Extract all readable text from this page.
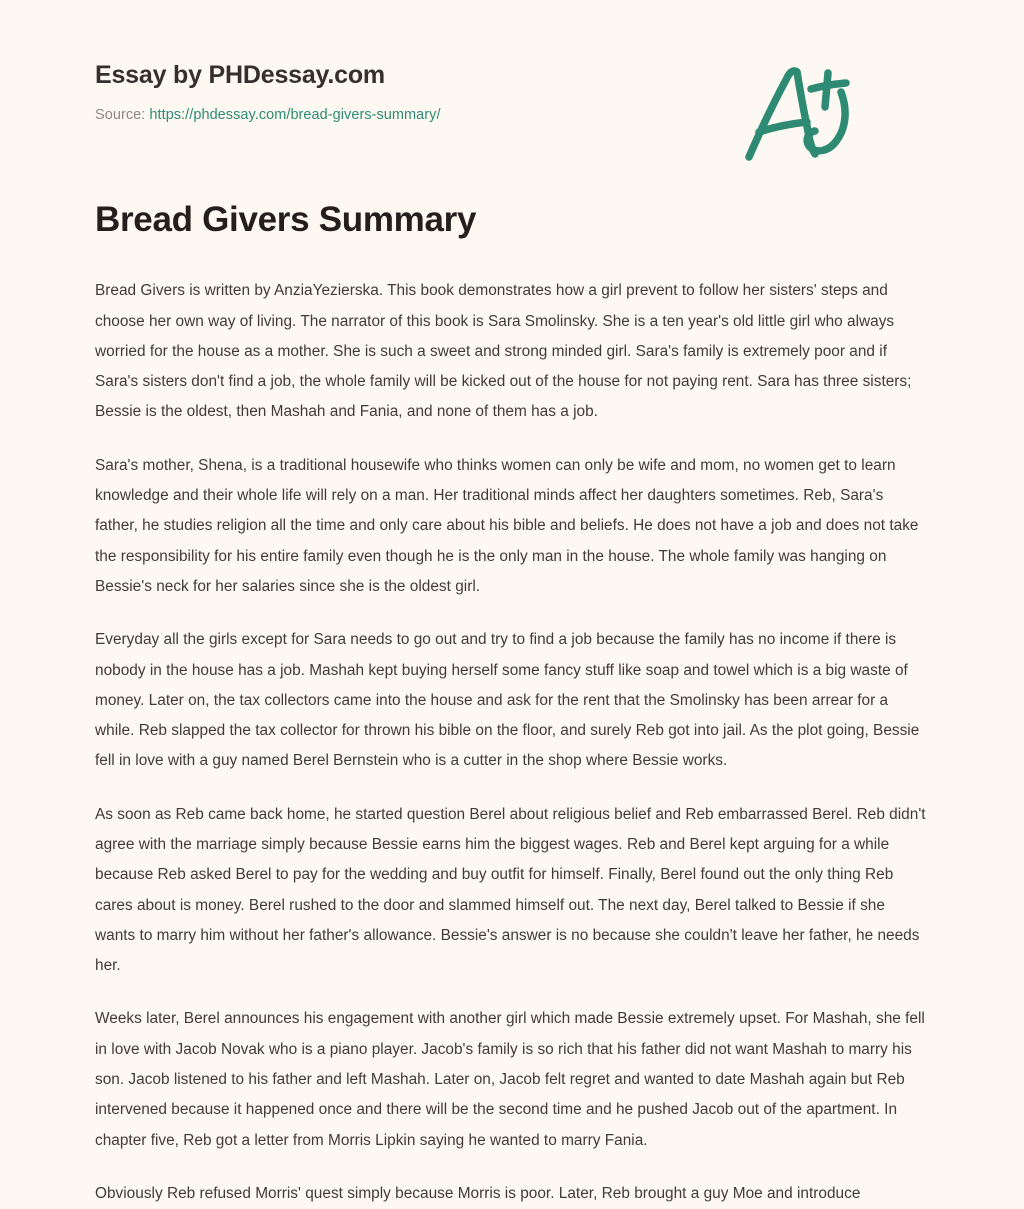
Essay by PHDessay.com
Source: https://phdessay.com/bread-givers-summary/
Bread Givers Summary

Bread Givers is written by AnziaYezierska. This book demonstrates how a girl prevent to follow her sisters' steps and choose her own way of living. The narrator of this book is Sara Smolinsky. She is a ten year's old little girl who always worried for the house as a mother. She is such a sweet and strong minded girl. Sara's family is extremely poor and if Sara's sisters don't find a job, the whole family will be kicked out of the house for not paying rent. Sara has three sisters; Bessie is the oldest, then Mashah and Fania, and none of them has a job.

Sara's mother, Shena, is a traditional housewife who thinks women can only be wife and mom, no women get to learn knowledge and their whole life will rely on a man. Her traditional minds affect her daughters sometimes. Reb, Sara's father, he studies religion all the time and only care about his bible and beliefs. He does not have a job and does not take the responsibility for his entire family even though he is the only man in the house. The whole family was hanging on Bessie's neck for her salaries since she is the oldest girl.

Everyday all the girls except for Sara needs to go out and try to find a job because the family has no income if there is nobody in the house has a job. Mashah kept buying herself some fancy stuff like soap and towel which is a big waste of money. Later on, the tax collectors came into the house and ask for the rent that the Smolinsky has been arrear for a while. Reb slapped the tax collector for thrown his bible on the floor, and surely Reb got into jail. As the plot going, Bessie fell in love with a guy named Berel Bernstein who is a cutter in the shop where Bessie works.

As soon as Reb came back home, he started question Berel about religious belief and Reb embarrassed Berel. Reb didn't agree with the marriage simply because Bessie earns him the biggest wages. Reb and Berel kept arguing for a while because Reb asked Berel to pay for the wedding and buy outfit for himself. Finally, Berel found out the only thing Reb cares about is money. Berel rushed to the door and slammed himself out. The next day, Berel talked to Bessie if she wants to marry him without her father's allowance. Bessie's answer is no because she couldn't leave her father, he needs her.

Weeks later, Berel announces his engagement with another girl which made Bessie extremely upset. For Mashah, she fell in love with Jacob Novak who is a piano player. Jacob's family is so rich that his father did not want Mashah to marry his son. Jacob listened to his father and left Mashah. Later on, Jacob felt regret and wanted to date Mashah again but Reb intervened because it happened once and there will be the second time and he pushed Jacob out of the apartment. In chapter five, Reb got a letter from Morris Lipkin saying he wanted to marry Fania.

Obviously Reb refused Morris' quest simply because Morris is poor. Later, Reb brought a guy Moe and introduce
